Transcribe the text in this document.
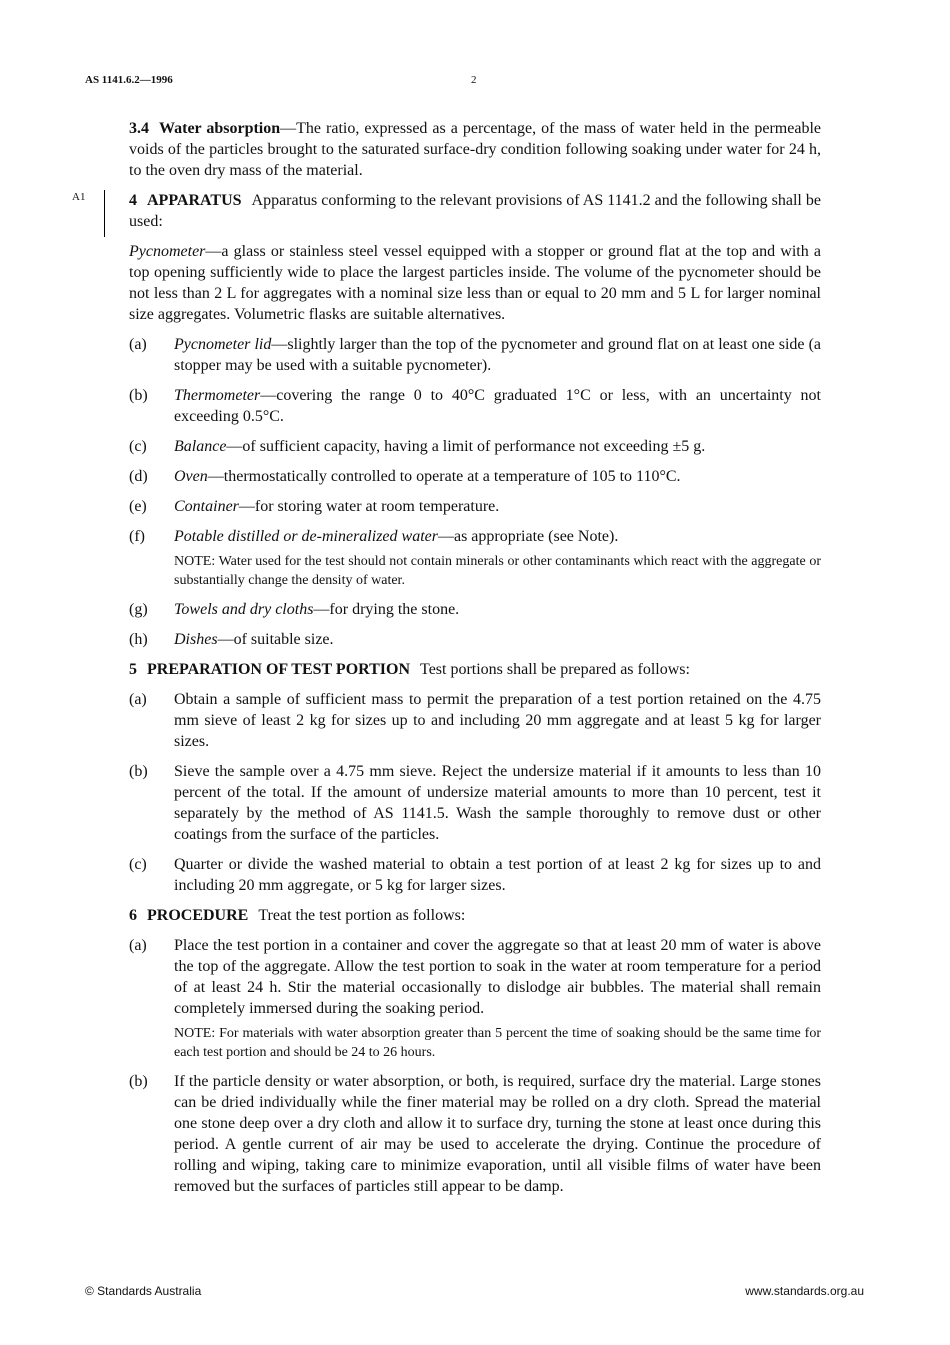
AS 1141.6.2—1996	2
A1

3.4 Water absorption—The ratio, expressed as a percentage, of the mass of water held in the permeable voids of the particles brought to the saturated surface-dry condition following soaking under water for 24 h, to the oven dry mass of the material.

4 APPARATUS Apparatus conforming to the relevant provisions of AS 1141.2 and the following shall be used:

Pycnometer—a glass or stainless steel vessel equipped with a stopper or ground flat at the top and with a top opening sufficiently wide to place the largest particles inside. The volume of the pycnometer should be not less than 2 L for aggregates with a nominal size less than or equal to 20 mm and 5 L for larger nominal size aggregates. Volumetric flasks are suitable alternatives.

(a) Pycnometer lid—slightly larger than the top of the pycnometer and ground flat on at least one side (a stopper may be used with a suitable pycnometer).
(b) Thermometer—covering the range 0 to 40°C graduated 1°C or less, with an uncertainty not exceeding 0.5°C.
(c) Balance—of sufficient capacity, having a limit of performance not exceeding ±5 g.
(d) Oven—thermostatically controlled to operate at a temperature of 105 to 110°C.
(e) Container—for storing water at room temperature.
(f) Potable distilled or de-mineralized water—as appropriate (see Note).
NOTE: Water used for the test should not contain minerals or other contaminants which react with the aggregate or substantially change the density of water.
(g) Towels and dry cloths—for drying the stone.
(h) Dishes—of suitable size.

5 PREPARATION OF TEST PORTION Test portions shall be prepared as follows:

(a) Obtain a sample of sufficient mass to permit the preparation of a test portion retained on the 4.75 mm sieve of least 2 kg for sizes up to and including 20 mm aggregate and at least 5 kg for larger sizes.
(b) Sieve the sample over a 4.75 mm sieve. Reject the undersize material if it amounts to less than 10 percent of the total. If the amount of undersize material amounts to more than 10 percent, test it separately by the method of AS 1141.5. Wash the sample thoroughly to remove dust or other coatings from the surface of the particles.
(c) Quarter or divide the washed material to obtain a test portion of at least 2 kg for sizes up to and including 20 mm aggregate, or 5 kg for larger sizes.

6 PROCEDURE Treat the test portion as follows:

(a) Place the test portion in a container and cover the aggregate so that at least 20 mm of water is above the top of the aggregate. Allow the test portion to soak in the water at room temperature for a period of at least 24 h. Stir the material occasionally to dislodge air bubbles. The material shall remain completely immersed during the soaking period.
NOTE: For materials with water absorption greater than 5 percent the time of soaking should be the same time for each test portion and should be 24 to 26 hours.
(b) If the particle density or water absorption, or both, is required, surface dry the material. Large stones can be dried individually while the finer material may be rolled on a dry cloth. Spread the material one stone deep over a dry cloth and allow it to surface dry, turning the stone at least once during this period. A gentle current of air may be used to accelerate the drying. Continue the procedure of rolling and wiping, taking care to minimize evaporation, until all visible films of water have been removed but the surfaces of particles still appear to be damp.
© Standards Australia	www.standards.org.au
